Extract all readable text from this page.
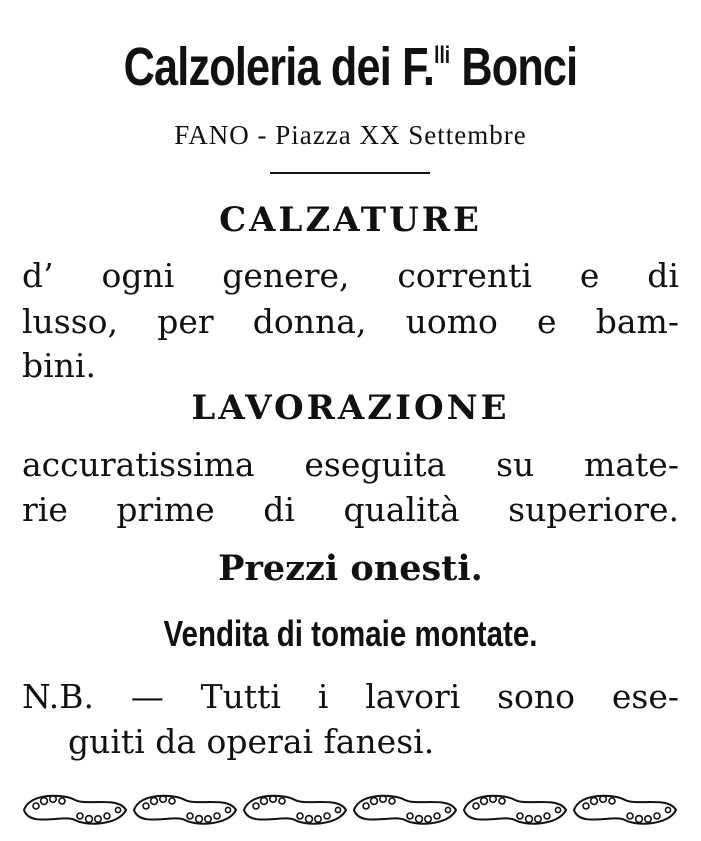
Calzoleria dei F.$^{lli}$ Bonci
FANO - Piazza XX Settembre
CALZATURE
d’ ogni genere, correnti e di
lusso, per donna, uomo e bam-
bini.
LAVORAZIONE
accuratissima eseguita su mate-
rie prime di qualità superiore.
Prezzi onesti.
Vendita di tomaie montate.
N.B. — Tutti i lavori sono ese-
guiti da operai fanesi.
